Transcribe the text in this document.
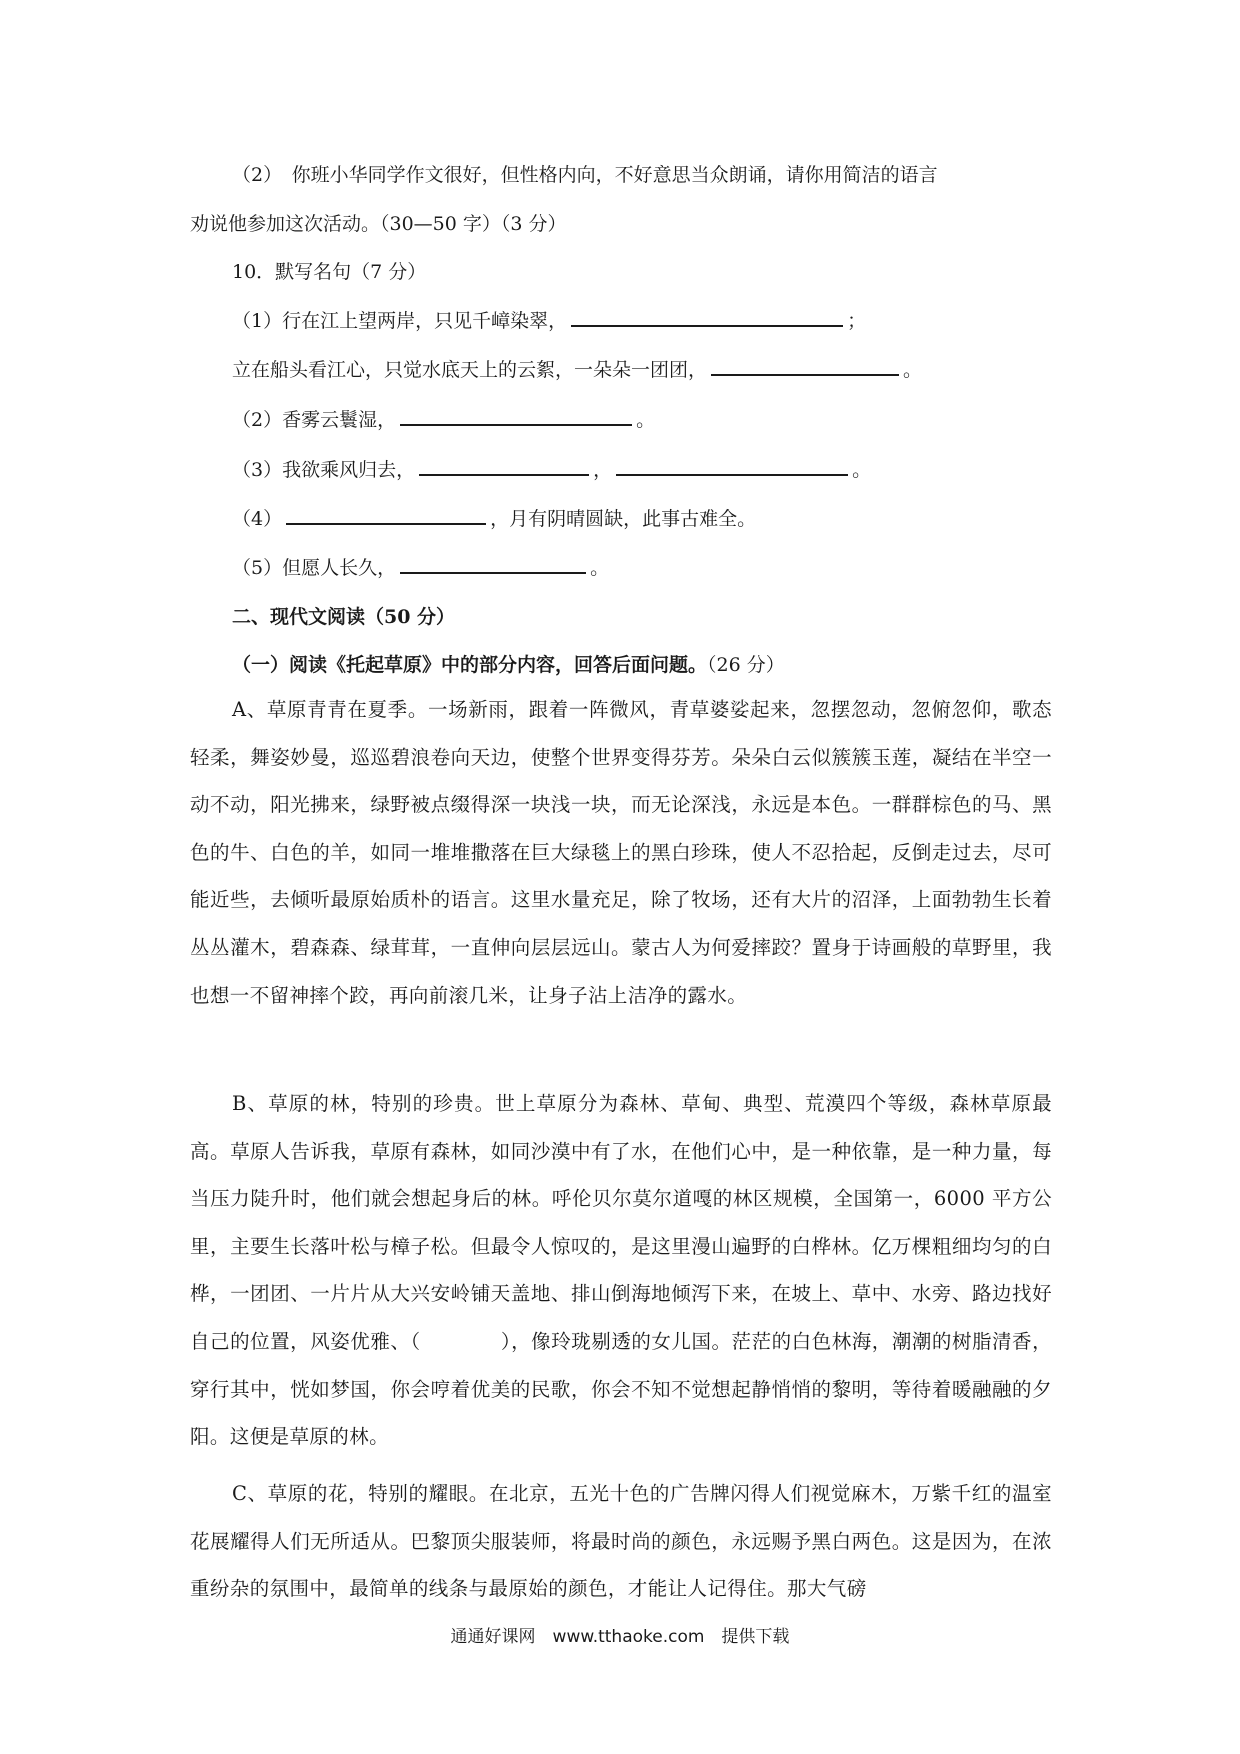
（2）　你班小华同学作文很好，但性格内向，不好意思当众朗诵，请你用简洁的语言
劝说他参加这次活动。（30—50 字）（3 分）
10．默写名句（7 分）
（1）行在江上望两岸，只见千嶂染翠，	；
立在船头看江心，只觉水底天上的云絮，一朵朵一团团，	。
（2）香雾云鬟湿，	。
（3）我欲乘风归去，	，	。
（4）	，月有阴晴圆缺，此事古难全。
（5）但愿人长久，	。
二、现代文阅读（50 分）
（一）阅读《托起草原》中的部分内容，回答后面问题。（26 分）
A、草原青青在夏季。一场新雨，跟着一阵微风，青草婆娑起来，忽摆忽动，忽俯忽仰，歌态轻柔，舞姿妙曼，巡巡碧浪卷向天边，使整个世界变得芬芳。朵朵白云似簇簇玉莲，凝结在半空一动不动，阳光拂来，绿野被点缀得深一块浅一块，而无论深浅，永远是本色。一群群棕色的马、黑色的牛、白色的羊，如同一堆堆撒落在巨大绿毯上的黑白珍珠，使人不忍拾起，反倒走过去，尽可能近些，去倾听最原始质朴的语言。这里水量充足，除了牧场，还有大片的沼泽，上面勃勃生长着丛丛灌木，碧森森、绿茸茸，一直伸向层层远山。蒙古人为何爱摔跤？置身于诗画般的草野里，我也想一不留神摔个跤，再向前滚几米，让身子沾上洁净的露水。
B、草原的林，特别的珍贵。世上草原分为森林、草甸、典型、荒漠四个等级，森林草原最高。草原人告诉我，草原有森林，如同沙漠中有了水，在他们心中，是一种依靠，是一种力量，每当压力陡升时，他们就会想起身后的林。呼伦贝尔莫尔道嘎的林区规模，全国第一，6000 平方公里，主要生长落叶松与樟子松。但最令人惊叹的，是这里漫山遍野的白桦林。亿万棵粗细均匀的白桦，一团团、一片片从大兴安岭铺天盖地、排山倒海地倾泻下来，在坡上、草中、水旁、路边找好自己的位置，风姿优雅、（　　　　），像玲珑剔透的女儿国。茫茫的白色林海，潮潮的树脂清香，穿行其中，恍如梦国，你会哼着优美的民歌，你会不知不觉想起静悄悄的黎明，等待着暖融融的夕阳。这便是草原的林。
C、草原的花，特别的耀眼。在北京，五光十色的广告牌闪得人们视觉麻木，万紫千红的温室花展耀得人们无所适从。巴黎顶尖服装师，将最时尚的颜色，永远赐予黑白两色。这是因为，在浓重纷杂的氛围中，最简单的线条与最原始的颜色，才能让人记得住。那大气磅
通通好课网　www.tthaoke.com　提供下载
